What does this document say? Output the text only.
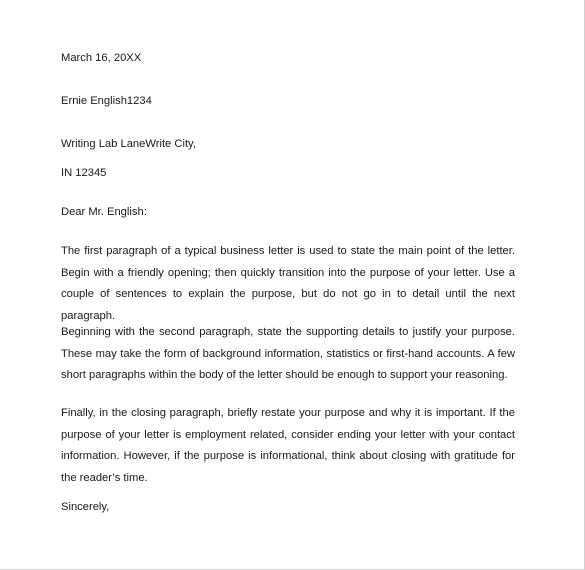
March 16, 20XX
Ernie English1234
Writing Lab LaneWrite City,
IN 12345
Dear Mr. English:
The first paragraph of a typical business letter is used to state the main point of the letter. Begin with a friendly opening; then quickly transition into the purpose of your letter. Use a couple of sentences to explain the purpose, but do not go in to detail until the next paragraph.
Beginning with the second paragraph, state the supporting details to justify your purpose. These may take the form of background information, statistics or first-hand accounts. A few short paragraphs within the body of the letter should be enough to support your reasoning.
Finally, in the closing paragraph, briefly restate your purpose and why it is important. If the purpose of your letter is employment related, consider ending your letter with your contact information. However, if the purpose is informational, think about closing with gratitude for the reader’s time.
Sincerely,
